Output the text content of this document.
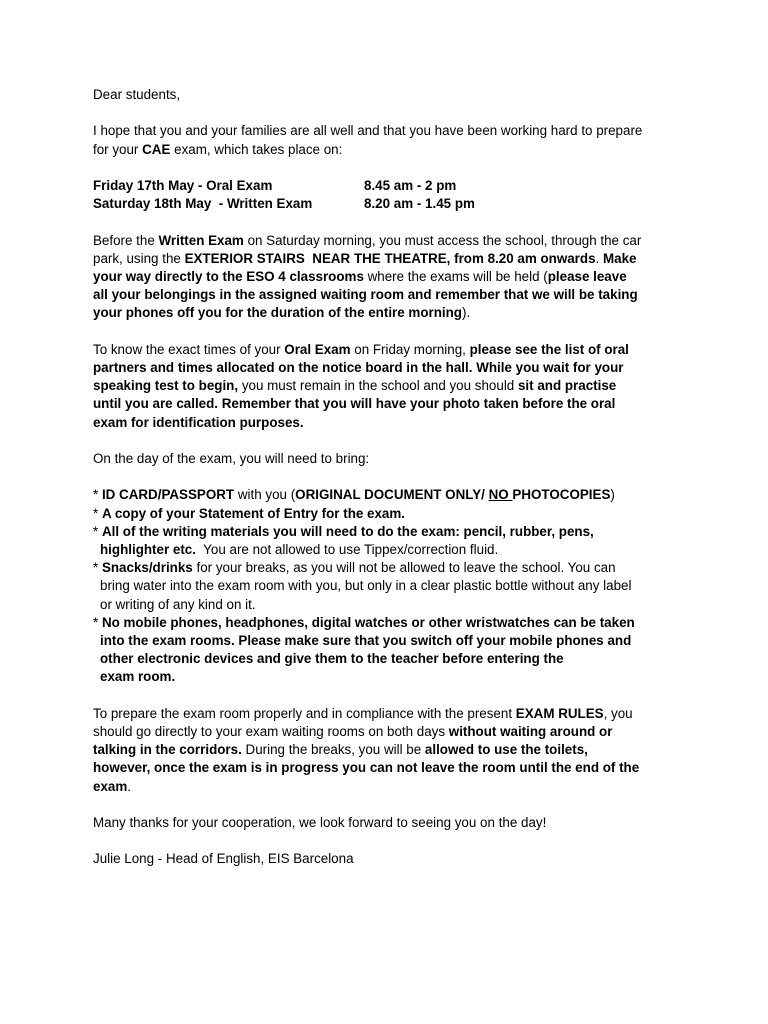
Dear students,

I hope that you and your families are all well and that you have been working hard to prepare
for your CAE exam, which takes place on:

Friday 17th May - Oral Exam	8.45 am - 2 pm
Saturday 18th May  - Written Exam	8.20 am - 1.45 pm

Before the Written Exam on Saturday morning, you must access the school, through the car
park, using the EXTERIOR STAIRS  NEAR THE THEATRE, from 8.20 am onwards. Make
your way directly to the ESO 4 classrooms where the exams will be held (please leave
all your belongings in the assigned waiting room and remember that we will be taking
your phones off you for the duration of the entire morning).

To know the exact times of your Oral Exam on Friday morning, please see the list of oral
partners and times allocated on the notice board in the hall. While you wait for your
speaking test to begin, you must remain in the school and you should sit and practise
until you are called. Remember that you will have your photo taken before the oral
exam for identification purposes.

On the day of the exam, you will need to bring:

* ID CARD/PASSPORT with you (ORIGINAL DOCUMENT ONLY/ NO PHOTOCOPIES)
* A copy of your Statement of Entry for the exam.
* All of the writing materials you will need to do the exam: pencil, rubber, pens,
highlighter etc.  You are not allowed to use Tippex/correction fluid.
* Snacks/drinks for your breaks, as you will not be allowed to leave the school. You can
bring water into the exam room with you, but only in a clear plastic bottle without any label
or writing of any kind on it.
* No mobile phones, headphones, digital watches or other wristwatches can be taken
into the exam rooms. Please make sure that you switch off your mobile phones and
other electronic devices and give them to the teacher before entering the
exam room.

To prepare the exam room properly and in compliance with the present EXAM RULES, you
should go directly to your exam waiting rooms on both days without waiting around or
talking in the corridors. During the breaks, you will be allowed to use the toilets,
however, once the exam is in progress you can not leave the room until the end of the
exam.

Many thanks for your cooperation, we look forward to seeing you on the day!

Julie Long - Head of English, EIS Barcelona
